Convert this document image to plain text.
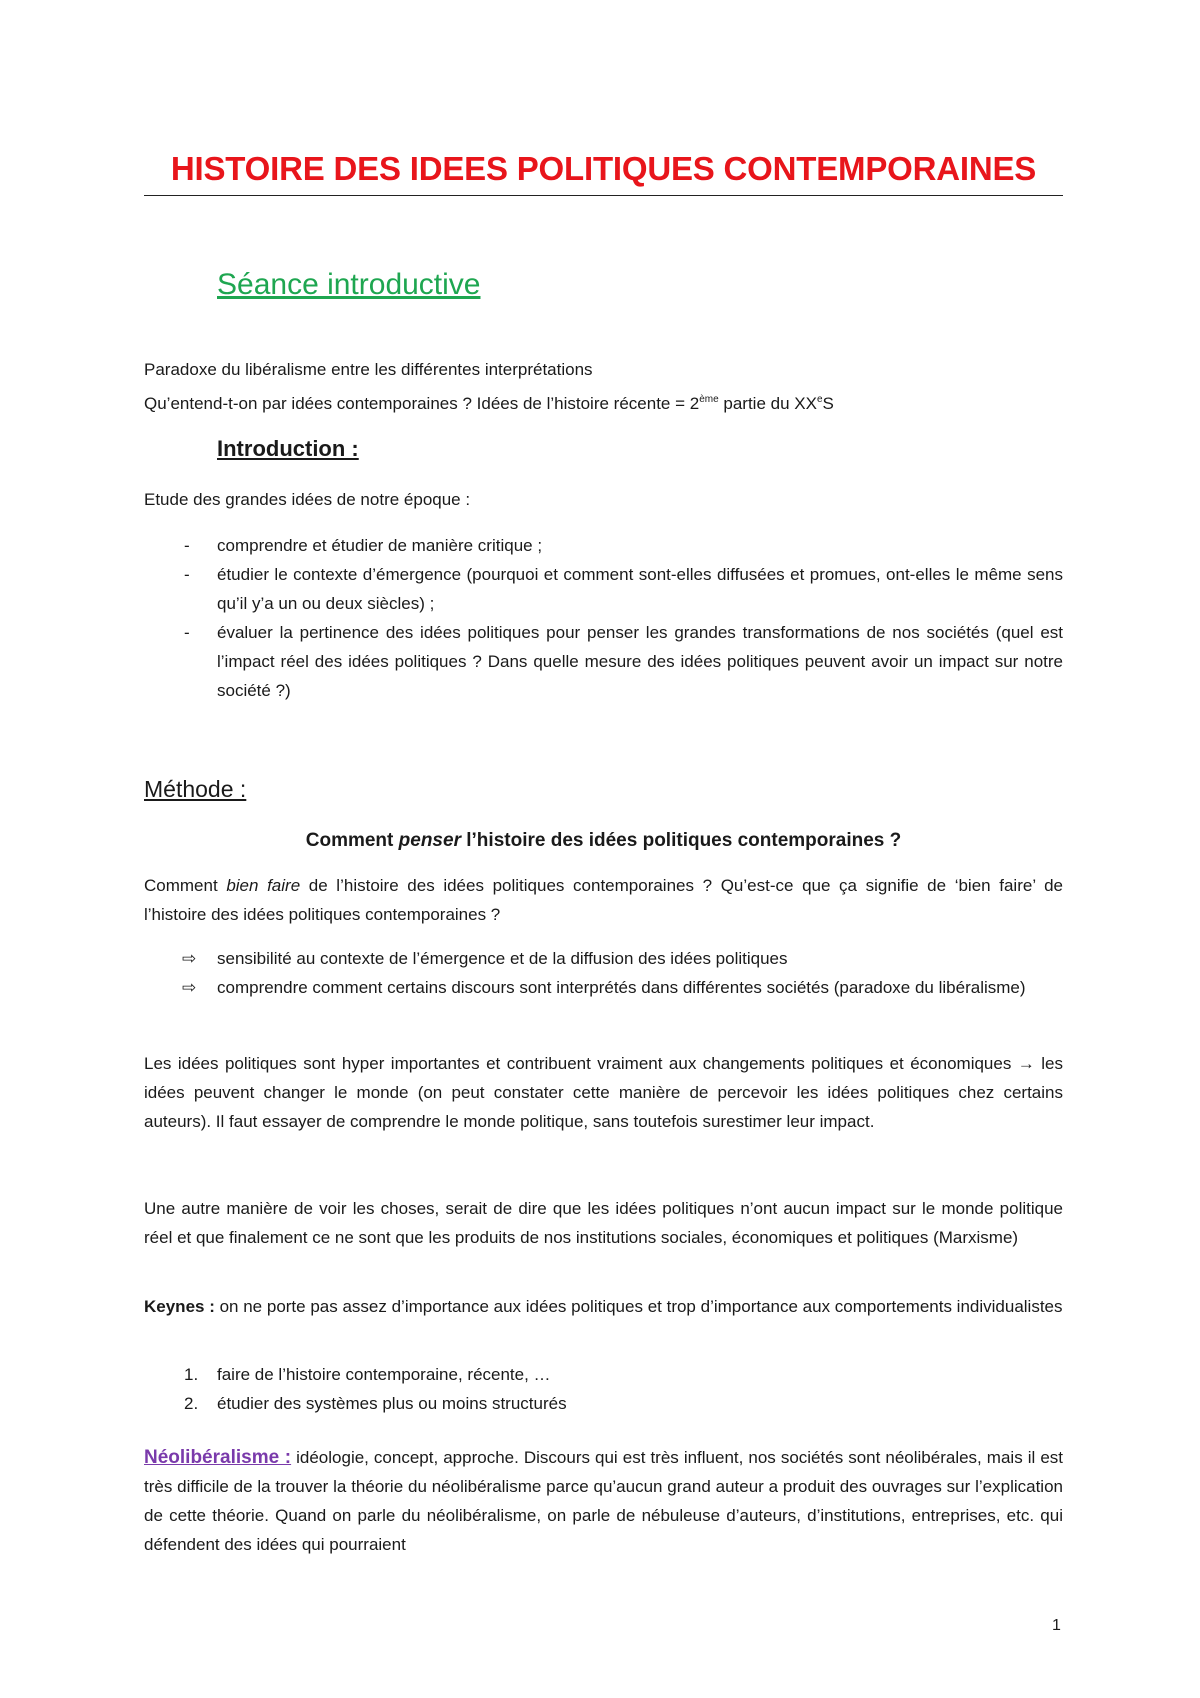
HISTOIRE DES IDEES POLITIQUES CONTEMPORAINES
Séance introductive
Paradoxe du libéralisme entre les différentes interprétations
Qu’entend-t-on par idées contemporaines ? Idées de l’histoire récente = 2ème partie du XXeS
Introduction :
Etude des grandes idées de notre époque :
- comprendre et étudier de manière critique ;
- étudier le contexte d’émergence (pourquoi et comment sont-elles diffusées et promues, ont-elles le même sens qu’il y’a un ou deux siècles) ;
- évaluer la pertinence des idées politiques pour penser les grandes transformations de nos sociétés (quel est l’impact réel des idées politiques ? Dans quelle mesure des idées politiques peuvent avoir un impact sur notre société ?)
Méthode :
Comment penser l’histoire des idées politiques contemporaines ?
Comment bien faire de l’histoire des idées politiques contemporaines ? Qu’est-ce que ça signifie de ‘bien faire’ de l’histoire des idées politiques contemporaines ?
⇨ sensibilité au contexte de l’émergence et de la diffusion des idées politiques
⇨ comprendre comment certains discours sont interprétés dans différentes sociétés (paradoxe du libéralisme)
Les idées politiques sont hyper importantes et contribuent vraiment aux changements politiques et économiques → les idées peuvent changer le monde (on peut constater cette manière de percevoir les idées politiques chez certains auteurs). Il faut essayer de comprendre le monde politique, sans toutefois surestimer leur impact.
Une autre manière de voir les choses, serait de dire que les idées politiques n’ont aucun impact sur le monde politique réel et que finalement ce ne sont que les produits de nos institutions sociales, économiques et politiques (Marxisme)
Keynes : on ne porte pas assez d’importance aux idées politiques et trop d’importance aux comportements individualistes
1. faire de l’histoire contemporaine, récente, …
2. étudier des systèmes plus ou moins structurés
Néolibéralisme : idéologie, concept, approche. Discours qui est très influent, nos sociétés sont néolibérales, mais il est très difficile de la trouver la théorie du néolibéralisme parce qu’aucun grand auteur a produit des ouvrages sur l’explication de cette théorie. Quand on parle du néolibéralisme, on parle de nébuleuse d’auteurs, d’institutions, entreprises, etc. qui défendent des idées qui pourraient
1
